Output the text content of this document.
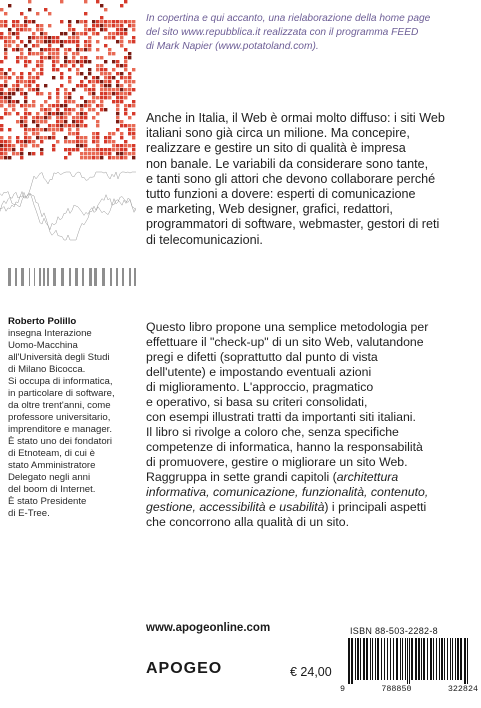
In copertina e qui accanto, una rielaborazione della home page
del sito www.repubblica.it realizzata con il programma FEED
di Mark Napier (www.potatoland.com).
Anche in Italia, il Web è ormai molto diffuso: i siti Web
italiani sono già circa un milione. Ma concepire,
realizzare e gestire un sito di qualità è impresa
non banale. Le variabili da considerare sono tante,
e tanti sono gli attori che devono collaborare perché
tutto funzioni a dovere: esperti di comunicazione
e marketing, Web designer, grafici, redattori,
programmatori di software, webmaster, gestori di reti
di telecomunicazioni.
Roberto Polillo
insegna Interazione
Uomo-Macchina
all'Università degli Studi
di Milano Bicocca.
Si occupa di informatica,
in particolare di software,
da oltre trent'anni, come
professore universitario,
imprenditore e manager.
È stato uno dei fondatori
di Etnoteam, di cui è
stato Amministratore
Delegato negli anni
del boom di Internet.
È stato Presidente
di E-Tree.
Questo libro propone una semplice metodologia per
effettuare il "check-up" di un sito Web, valutandone
pregi e difetti (soprattutto dal punto di vista
dell'utente) e impostando eventuali azioni
di miglioramento. L'approccio, pragmatico
e operativo, si basa su criteri consolidati,
con esempi illustrati tratti da importanti siti italiani.
Il libro si rivolge a coloro che, senza specifiche
competenze di informatica, hanno la responsabilità
di promuovere, gestire o migliorare un sito Web.
Raggruppa in sette grandi capitoli (architettura
informativa, comunicazione, funzionalità, contenuto,
gestione, accessibilità e usabilità) i principali aspetti
che concorrono alla qualità di un sito.
www.apogeonline.com
APOGEO	€ 24,00
ISBN 88-503-2282-8
9	788850	322824
